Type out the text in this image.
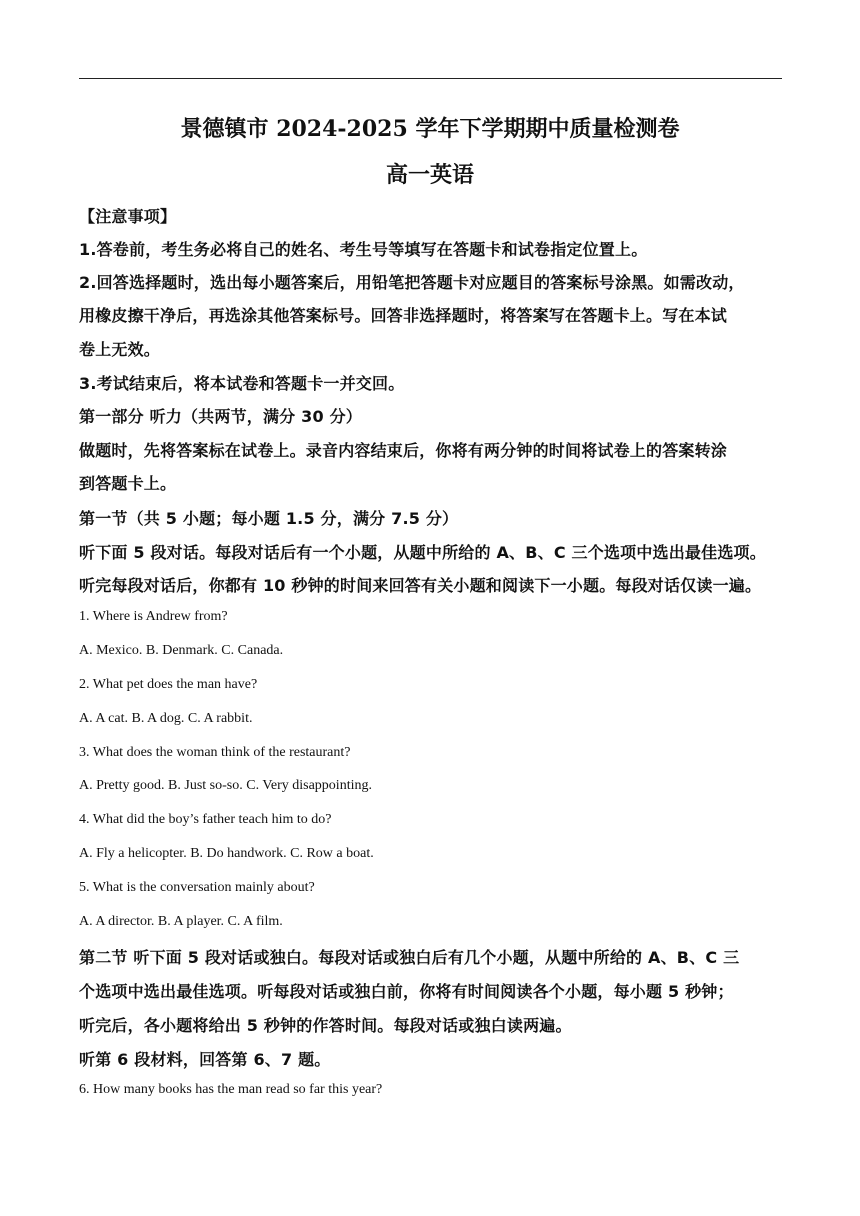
景德镇市 2024-2025 学年下学期期中质量检测卷
高一英语
【注意事项】
1.答卷前，考生务必将自己的姓名、考生号等填写在答题卡和试卷指定位置上。
2.回答选择题时，选出每小题答案后，用铅笔把答题卡对应题目的答案标号涂黑。如需改动，
用橡皮擦干净后，再选涂其他答案标号。回答非选择题时，将答案写在答题卡上。写在本试
卷上无效。
3.考试结束后，将本试卷和答题卡一并交回。
第一部分 听力（共两节，满分 30 分）
做题时，先将答案标在试卷上。录音内容结束后，你将有两分钟的时间将试卷上的答案转涂
到答题卡上。
第一节（共 5 小题；每小题 1.5 分，满分 7.5 分）
听下面 5 段对话。每段对话后有一个小题，从题中所给的 A、B、C 三个选项中选出最佳选项。
听完每段对话后，你都有 10 秒钟的时间来回答有关小题和阅读下一小题。每段对话仅读一遍。
1. Where is Andrew from?
A. Mexico. B. Denmark. C. Canada.
2. What pet does the man have?
A. A cat. B. A dog. C. A rabbit.
3. What does the woman think of the restaurant?
A. Pretty good. B. Just so-so. C. Very disappointing.
4. What did the boy’s father teach him to do?
A. Fly a helicopter. B. Do handwork. C. Row a boat.
5. What is the conversation mainly about?
A. A director. B. A player. C. A film.
第二节 听下面 5 段对话或独白。每段对话或独白后有几个小题，从题中所给的 A、B、C 三
个选项中选出最佳选项。听每段对话或独白前，你将有时间阅读各个小题，每小题 5 秒钟；
听完后，各小题将给出 5 秒钟的作答时间。每段对话或独白读两遍。
听第 6 段材料，回答第 6、7 题。
6. How many books has the man read so far this year?
